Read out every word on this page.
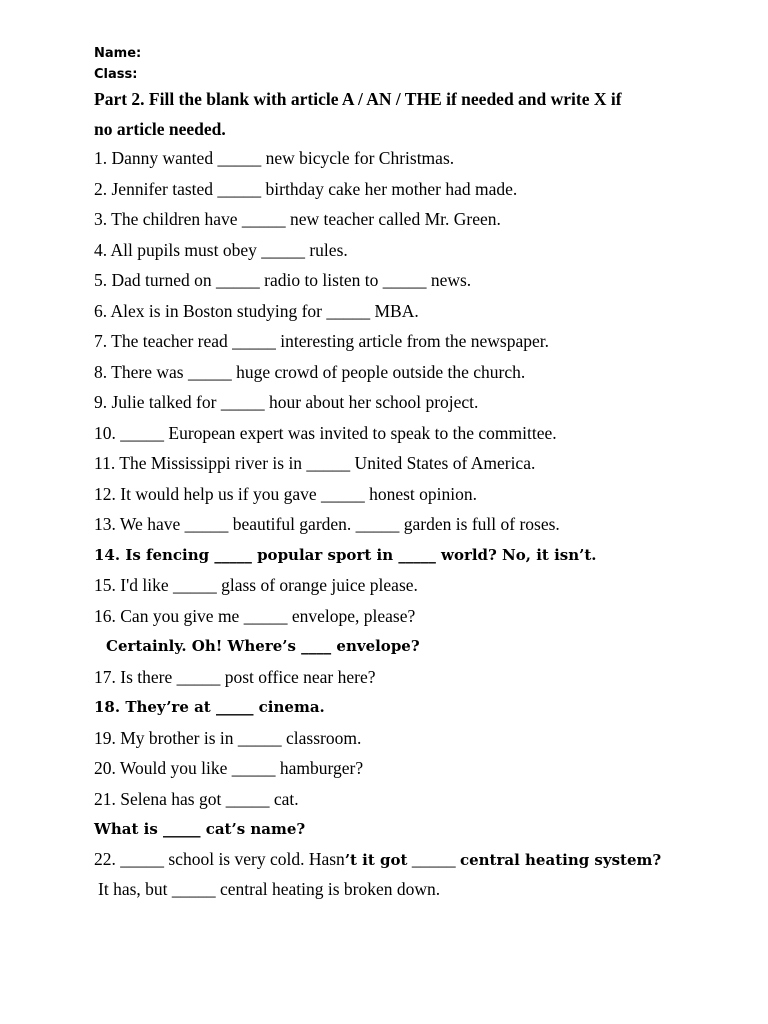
Name:
Class:
Part 2. Fill the blank with article A / AN / THE if needed and write X if
no article needed.
1. Danny wanted _____ new bicycle for Christmas.
2. Jennifer tasted _____ birthday cake her mother had made.
3. The children have _____ new teacher called Mr. Green.
4. All pupils must obey _____ rules.
5. Dad turned on _____ radio to listen to _____ news.
6. Alex is in Boston studying for _____ MBA.
7. The teacher read _____ interesting article from the newspaper.
8. There was _____ huge crowd of people outside the church.
9. Julie talked for _____ hour about her school project.
10. _____ European expert was invited to speak to the committee.
11. The Mississippi river is in _____ United States of America.
12. It would help us if you gave _____ honest opinion.
13. We have _____ beautiful garden. _____ garden is full of roses.
14. Is fencing _____ popular sport in _____ world? No, it isn’t.
15. I'd like _____ glass of orange juice please.
16. Can you give me _____ envelope, please?
Certainly. Oh! Where’s ____ envelope?
17. Is there _____ post office near here?
18. They’re at _____ cinema.
19. My brother is in _____ classroom.
20. Would you like _____ hamburger?
21. Selena has got _____ cat.
What is _____ cat’s name?
22. _____ school is very cold. Hasn’t it got _____ central heating system?
It has, but _____ central heating is broken down.
